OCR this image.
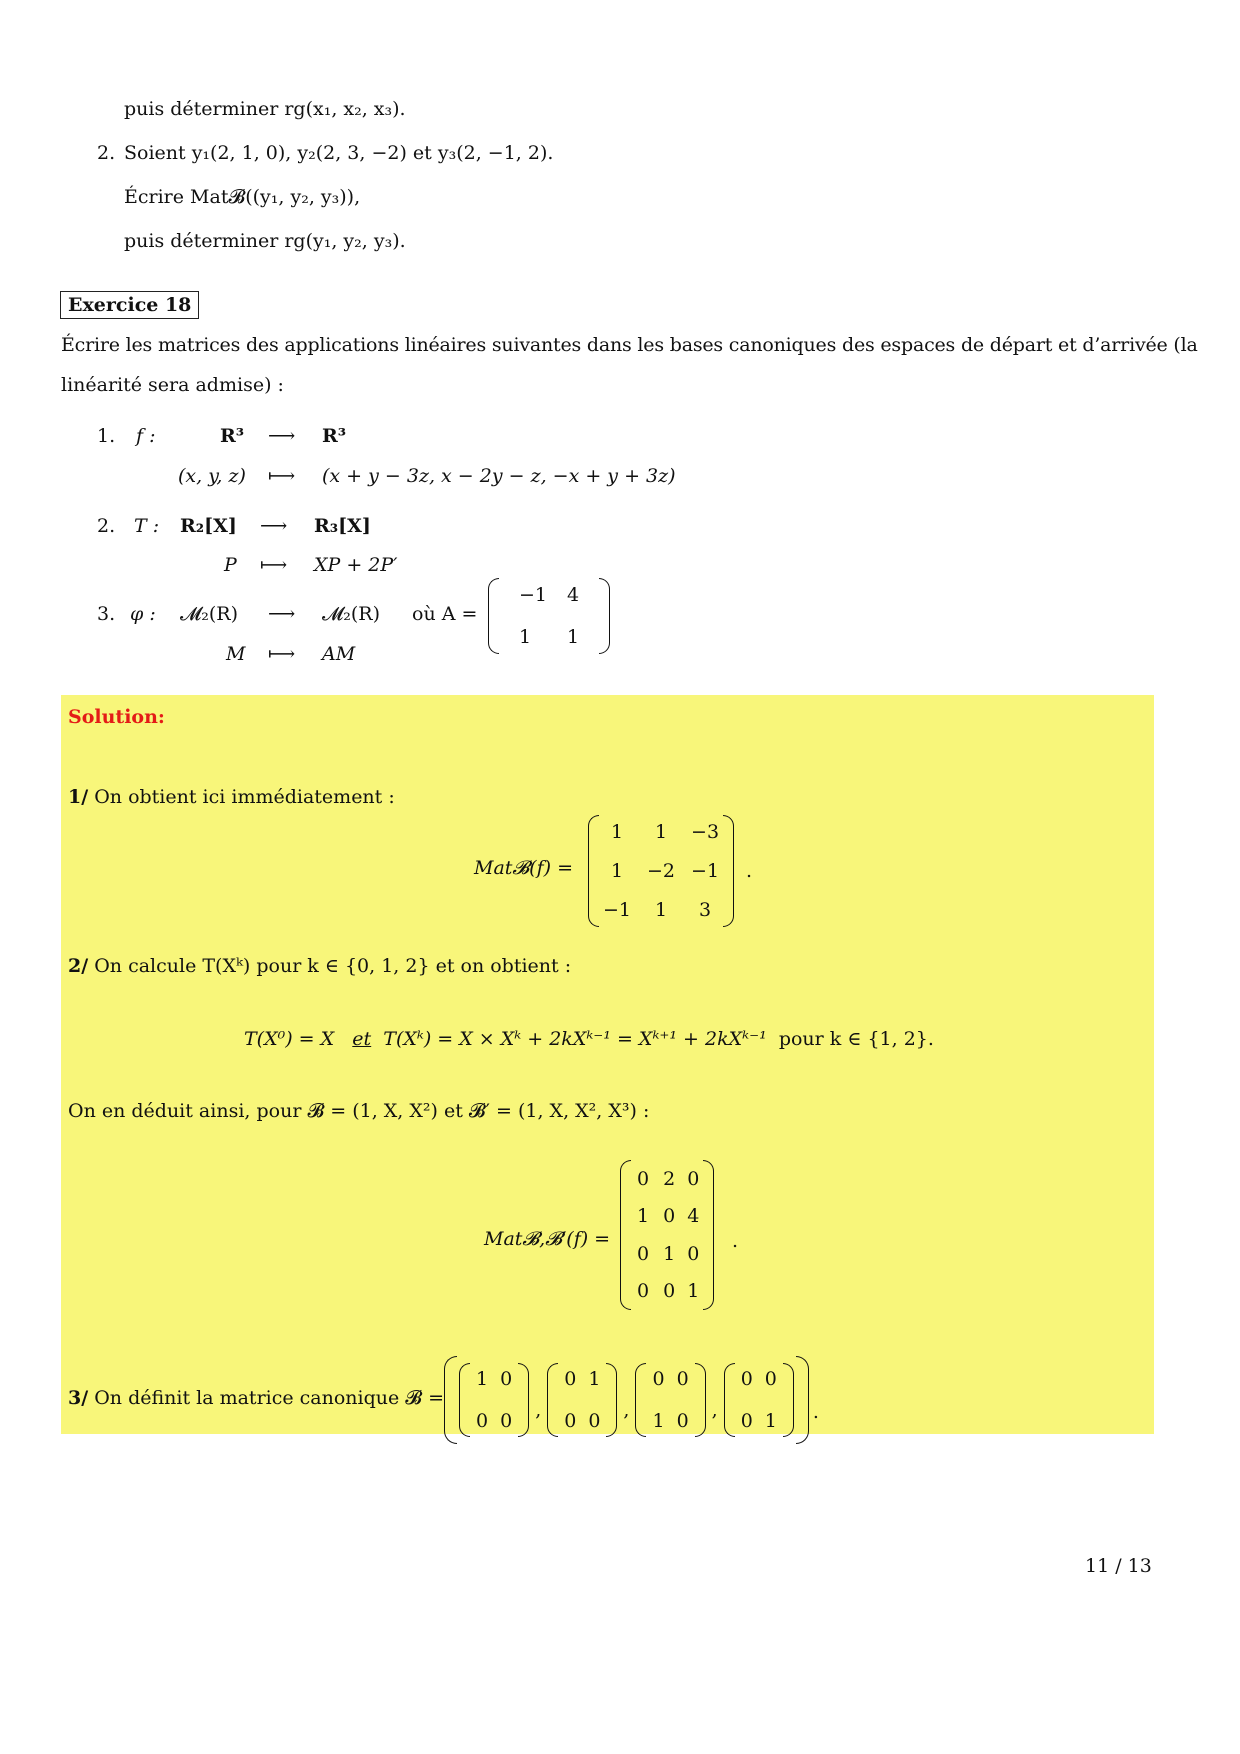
puis déterminer rg(x₁, x₂, x₃).
2. Soient y₁(2, 1, 0), y₂(2, 3, −2) et y₃(2, −1, 2).
Écrire Mat𝓑((y₁, y₂, y₃)),
puis déterminer rg(y₁, y₂, y₃).
Exercice 18
Écrire les matrices des applications linéaires suivantes dans les bases canoniques des espaces de départ et d’arrivée (la
linéarité sera admise) :
1. f :	R³ ⟶ R³
(x, y, z) ⟼ (x + y − 3z, x − 2y − z, −x + y + 3z)
2. T : R₂[X] ⟶ R₃[X]
P ⟼ XP + 2P′
3. φ : 𝓜₂(R) ⟶ 𝓜₂(R) où A =
M ⟼ AM
−1	4
1	1
Solution:
1/ On obtient ici immédiatement :
Mat𝓑(f) =
1	1	−3
1	−2	−1
−1	1	3
.
2/ On calcule T(Xᵏ) pour k ∈ {0, 1, 2} et on obtient :
T(X⁰) = X et T(Xᵏ) = X × Xᵏ + 2kXᵏ⁻¹ = Xᵏ⁺¹ + 2kXᵏ⁻¹ pour k ∈ {1, 2}.
On en déduit ainsi, pour 𝓑 = (1, X, X²) et 𝓑′ = (1, X, X², X³) :
Mat𝓑,𝓑′(f) =
0	2	0
1	0	4
0	1	0
0	0	1
.
3/ On définit la matrice canonique 𝓑 =
1	0
0	0 ,
0	1
0	0 ,
0	0
1	0 ,
0	0
0	1 .
11 / 13
